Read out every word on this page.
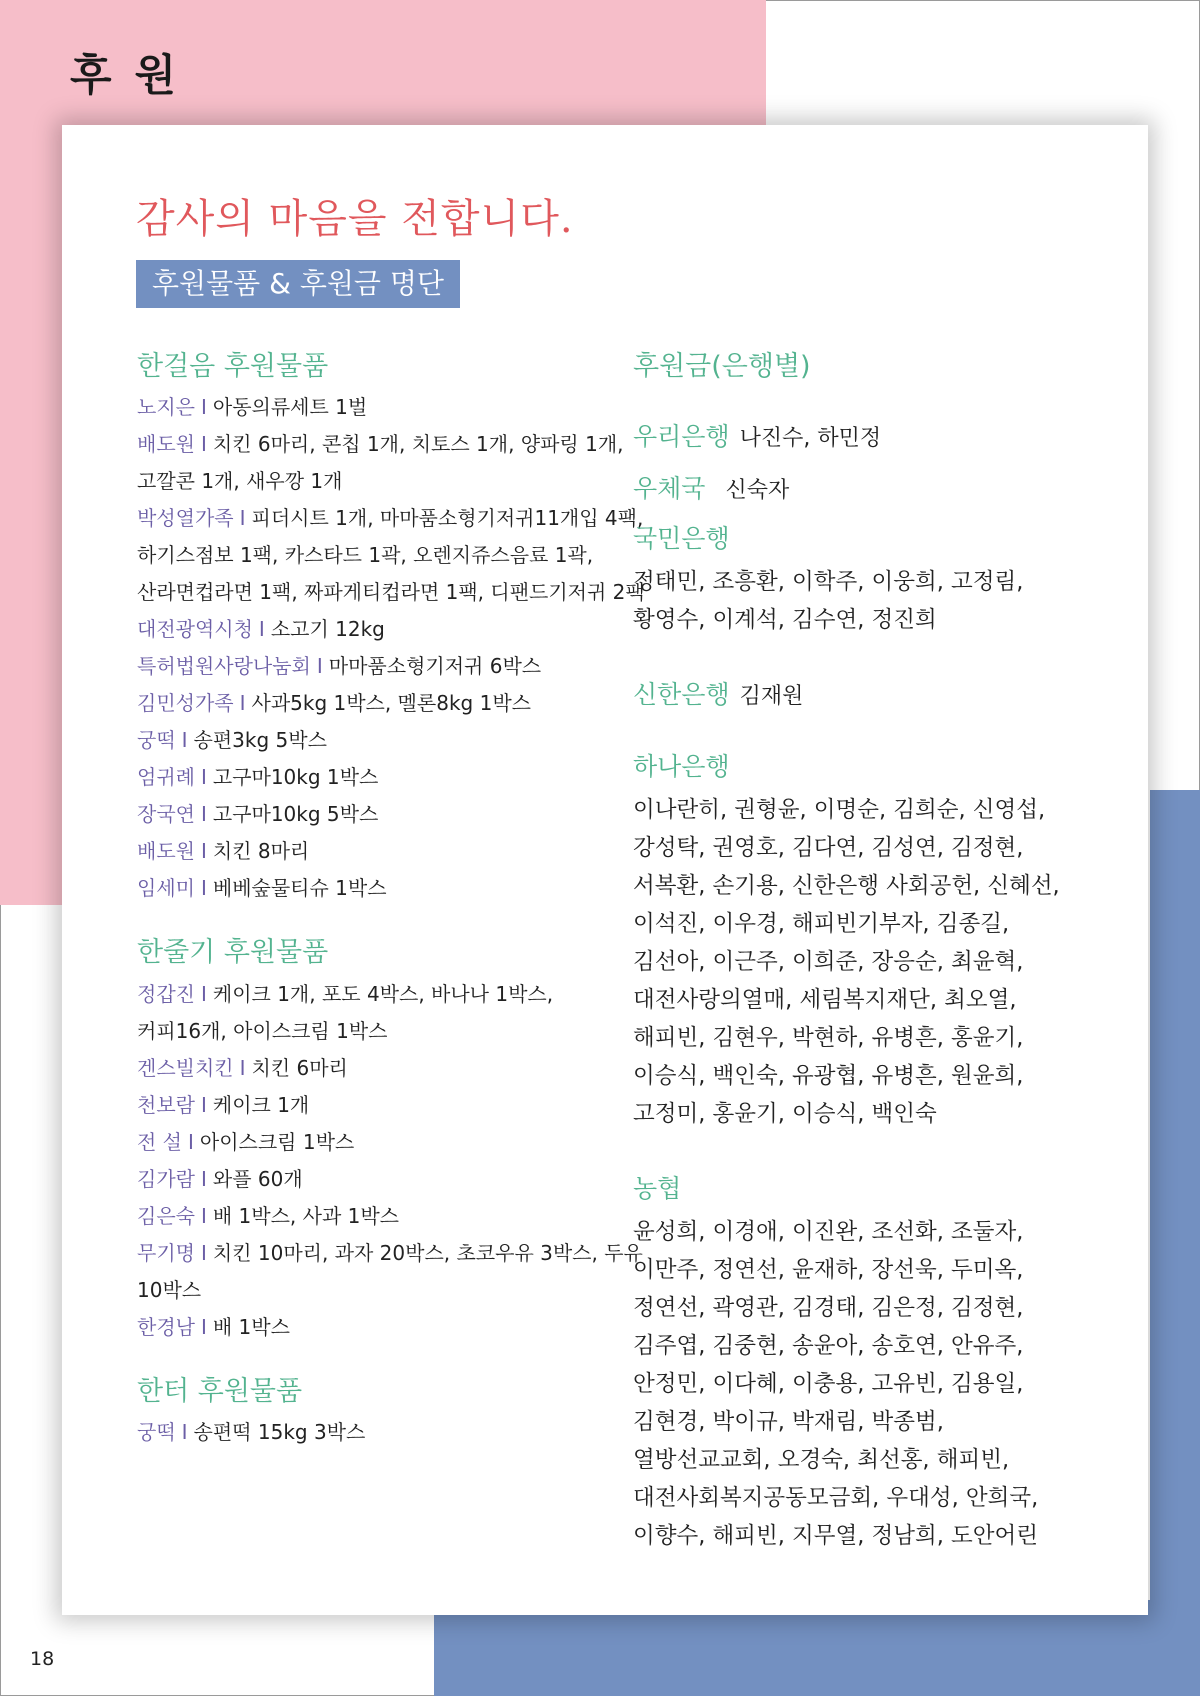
후 원
감사의 마음을 전합니다.
후원물품 & 후원금 명단

한걸음 후원물품

노지은 I 아동의류세트 1벌

배도원 I 치킨 6마리, 콘칩 1개, 치토스 1개, 양파링 1개, 고깔콘 1개, 새우깡 1개

박성열가족 I 피더시트 1개, 마마품소형기저귀11개입 4팩, 하기스점보 1팩, 카스타드 1곽, 오렌지쥬스음료 1곽, 산라면컵라면 1팩, 짜파게티컵라면 1팩, 디팬드기저귀 2팩

대전광역시청 I 소고기 12kg

특허법원사랑나눔회 I 마마품소형기저귀 6박스

김민성가족 I 사과5kg 1박스, 멜론8kg 1박스

궁떡 I 송편3kg 5박스

엄귀례 I 고구마10kg 1박스

장국연 I 고구마10kg 5박스

배도원 I 치킨 8마리

임세미 I 베베숲물티슈 1박스

한줄기 후원물품

정갑진 I 케이크 1개, 포도 4박스, 바나나 1박스, 커피16개, 아이스크림 1박스

겐스빌치킨 I 치킨 6마리

천보람 I 케이크 1개

전 설 I 아이스크림 1박스

김가람 I 와플 60개

김은숙 I 배 1박스, 사과 1박스

무기명 I 치킨 10마리, 과자 20박스, 초코우유 3박스, 두유 10박스

한경남 I 배 1박스

한터 후원물품

궁떡 I 송편떡 15kg 3박스

후원금(은행별)

우리은행 나진수, 하민정

우체국 신숙자

국민은행

정태민, 조흥환, 이학주, 이웅희, 고정림, 황영수, 이계석, 김수연, 정진희

신한은행 김재원

하나은행

이나란히, 권형윤, 이명순, 김희순, 신영섭, 강성탁, 권영호, 김다연, 김성연, 김정현, 서복환, 손기용, 신한은행 사회공헌, 신혜선, 이석진, 이우경, 해피빈기부자, 김종길, 김선아, 이근주, 이희준, 장응순, 최윤혁, 대전사랑의열매, 세림복지재단, 최오열, 해피빈, 김현우, 박현하, 유병흔, 홍윤기, 이승식, 백인숙, 유광협, 유병흔, 원윤희, 고정미, 홍윤기, 이승식, 백인숙

농협

윤성희, 이경애, 이진완, 조선화, 조둘자, 이만주, 정연선, 윤재하, 장선욱, 두미옥, 정연선, 곽영관, 김경태, 김은정, 김정현, 김주엽, 김중현, 송윤아, 송호연, 안유주, 안정민, 이다혜, 이충용, 고유빈, 김용일, 김현경, 박이규, 박재림, 박종범, 열방선교교회, 오경숙, 최선홍, 해피빈, 대전사회복지공동모금회, 우대성, 안희국, 이향수, 해피빈, 지무열, 정남희, 도안어린

18
